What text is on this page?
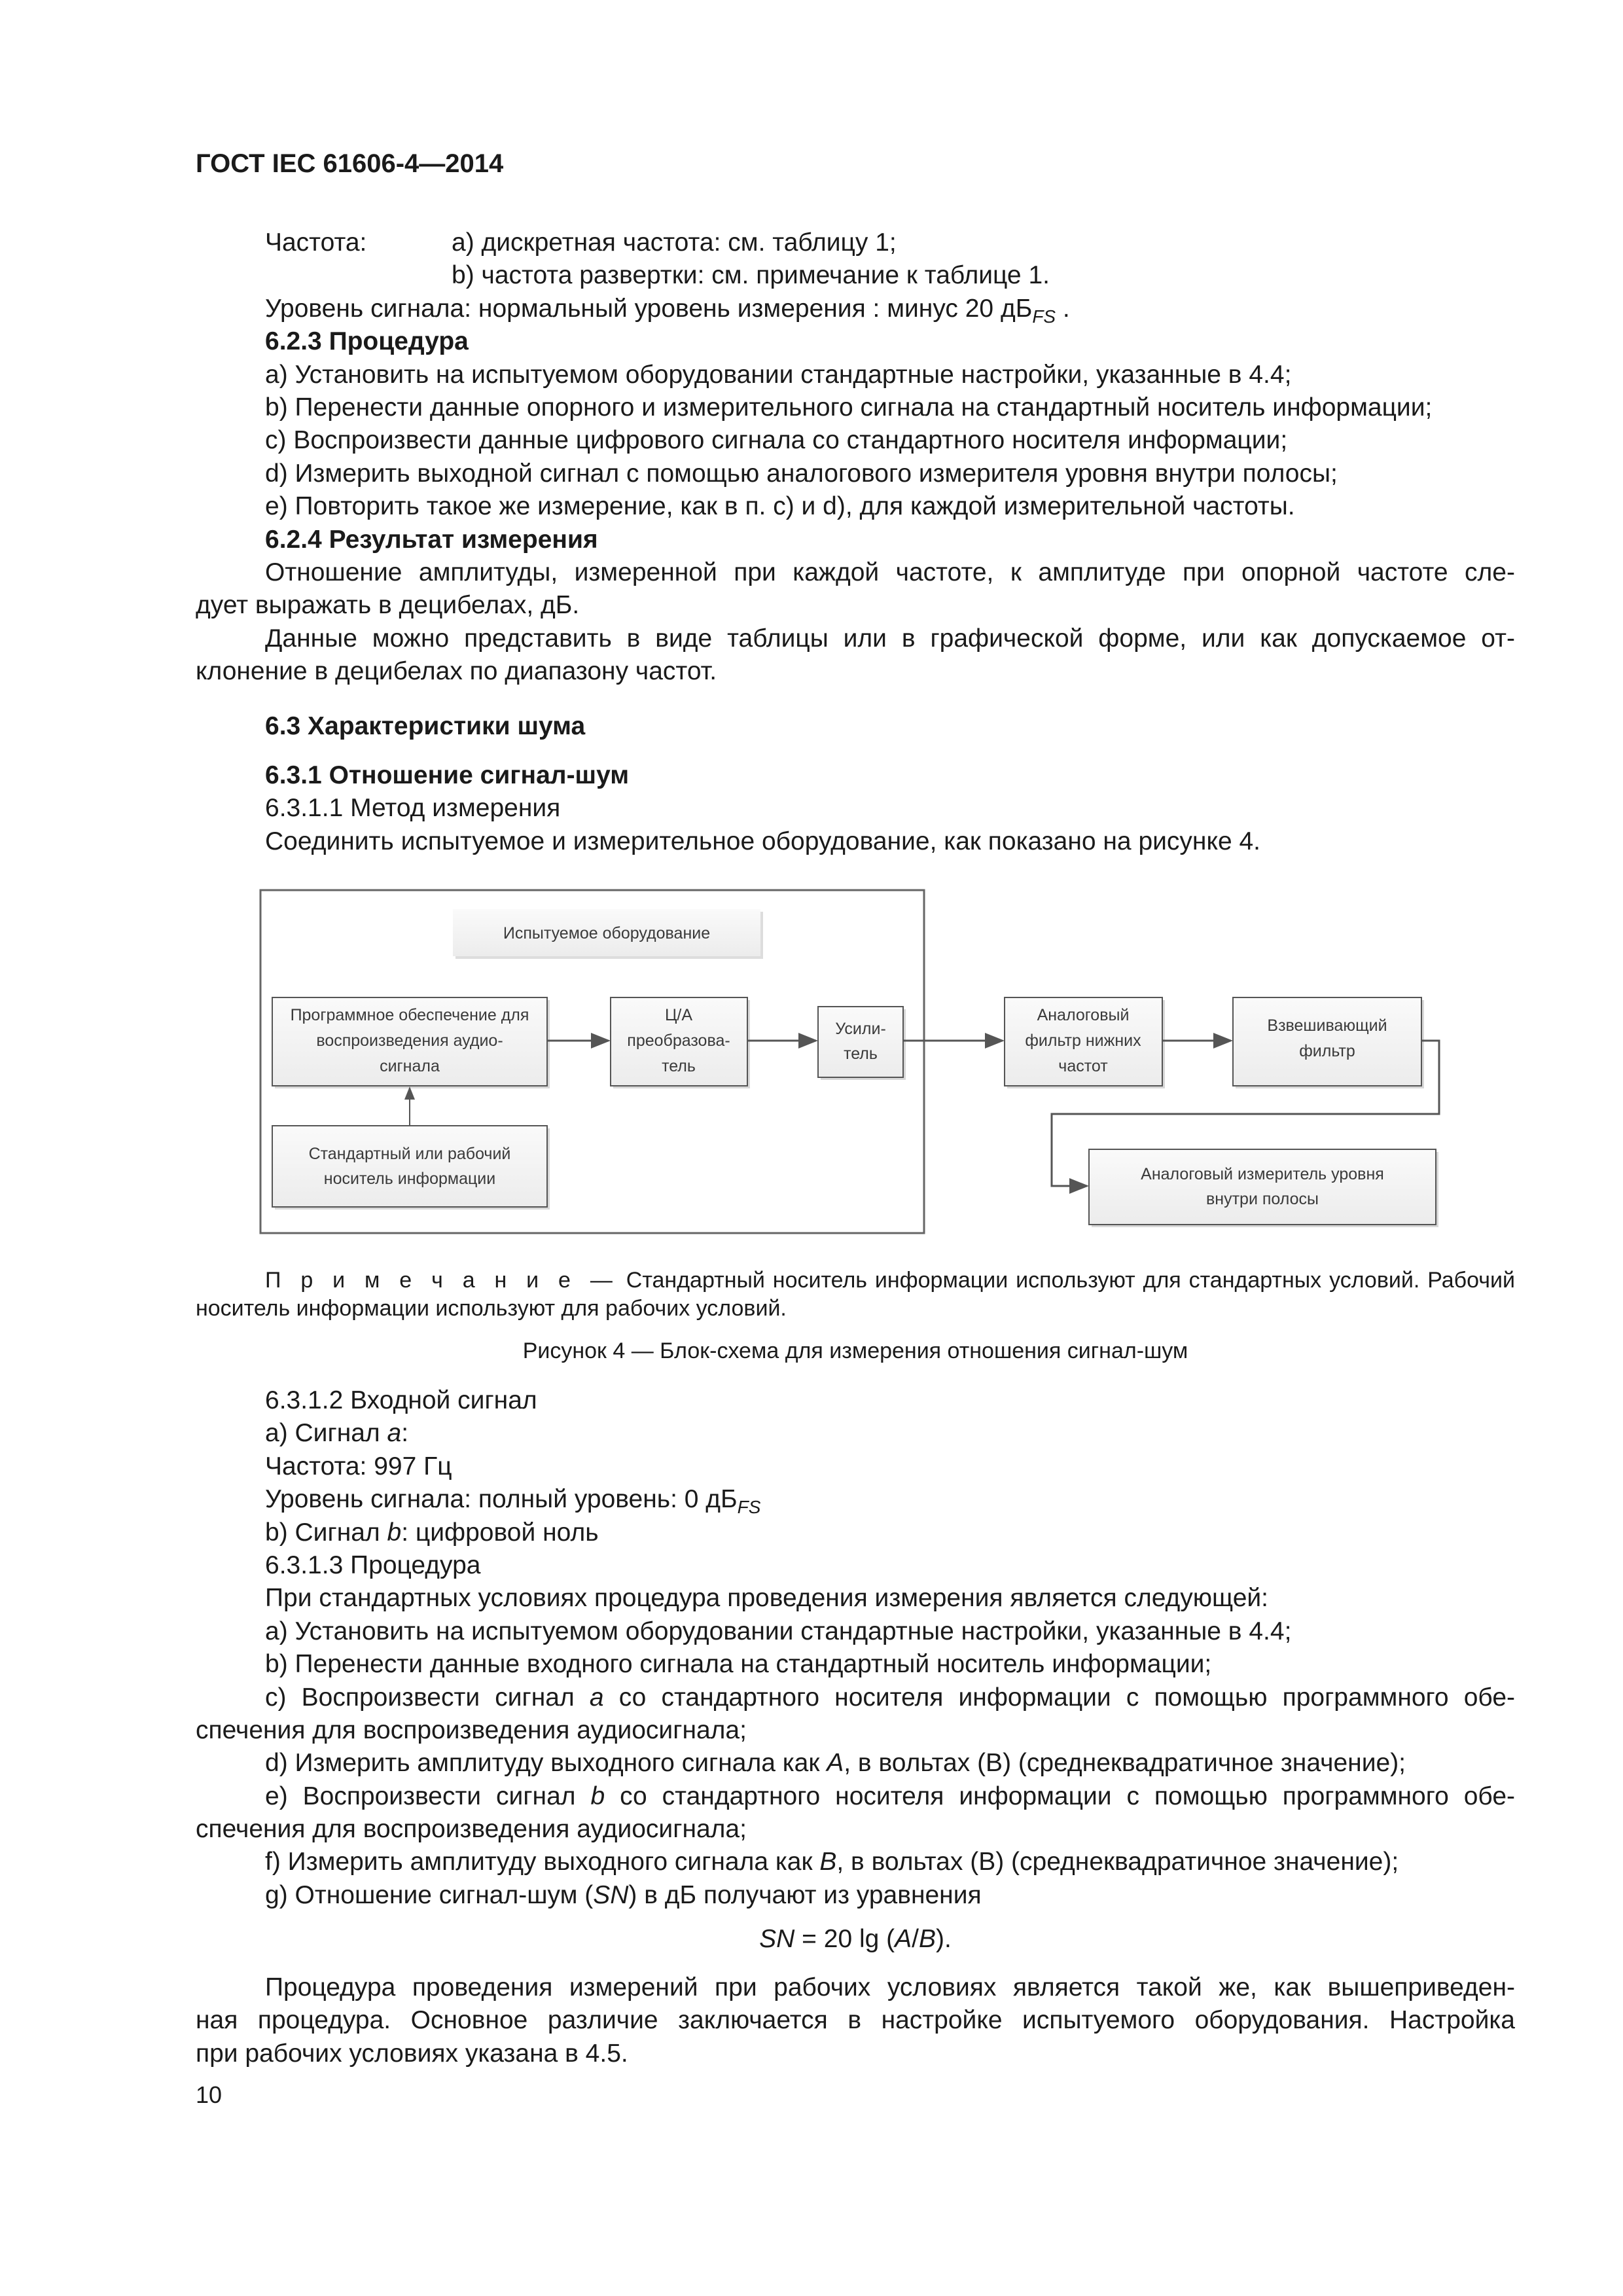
ГОСТ IEC 61606-4—2014
Частота:	a) дискретная частота: см. таблицу 1;
b) частота развертки: см. примечание к таблице 1.
Уровень сигнала: нормальный уровень измерения : минус 20 $дБ_{FS}$ .
6.2.3 Процедура
a) Установить на испытуемом оборудовании стандартные настройки, указанные в 4.4;
b) Перенести данные опорного и измерительного сигнала на стандартный носитель информации;
c) Воспроизвести данные цифрового сигнала со стандартного носителя информации;
d) Измерить выходной сигнал с помощью аналогового измерителя уровня внутри полосы;
e) Повторить такое же измерение, как в п. c) и d), для каждой измерительной частоты.
6.2.4 Результат измерения
Отношение амплитуды, измеренной при каждой частоте, к амплитуде при опорной частоте сле-
дует выражать в децибелах, дБ.
Данные можно представить в виде таблицы или в графической форме, или как допускаемое от-
клонение в децибелах по диапазону частот.
6.3 Характеристики шума
6.3.1 Отношение сигнал-шум
6.3.1.1 Метод измерения
Соединить испытуемое и измерительное оборудование, как показано на рисунке 4.
Испытуемое оборудование
Программное обеспечение для
воспроизведения аудио-
сигнала
Ц/А
преобразова-
тель
Усили-
тель
Аналоговый
фильтр нижних
частот
Взвешивающий
фильтр
Стандартный или рабочий
носитель информации	Аналоговый измеритель уровня
внутри полосы
П р и м е ч а н и е — Стандартный носитель информации используют для стандартных условий. Рабочий
носитель информации используют для рабочих условий.
Рисунок 4 — Блок-схема для измерения отношения сигнал-шум
6.3.1.2 Входной сигнал
a) Сигнал a:
Частота: 997 Гц
Уровень сигнала: полный уровень: 0 $дБ_{FS}$
b) Сигнал b: цифровой ноль
6.3.1.3 Процедура
При стандартных условиях процедура проведения измерения является следующей:
a) Установить на испытуемом оборудовании стандартные настройки, указанные в 4.4;
b) Перенести данные входного сигнала на стандартный носитель информации;
c) Воспроизвести сигнал a со стандартного носителя информации с помощью программного обе-
спечения для воспроизведения аудиосигнала;
d) Измерить амплитуду выходного сигнала как A, в вольтах (В) (среднеквадратичное значение);
e) Воспроизвести сигнал b со стандартного носителя информации с помощью программного обе-
спечения для воспроизведения аудиосигнала;
f) Измерить амплитуду выходного сигнала как B, в вольтах (В) (среднеквадратичное значение);
g) Отношение сигнал-шум (SN) в дБ получают из уравнения
SN = 20 lg (A/B).
Процедура проведения измерений при рабочих условиях является такой же, как вышеприведен-
ная процедура. Основное различие заключается в настройке испытуемого оборудования. Настройка
при рабочих условиях указана в 4.5.
10
